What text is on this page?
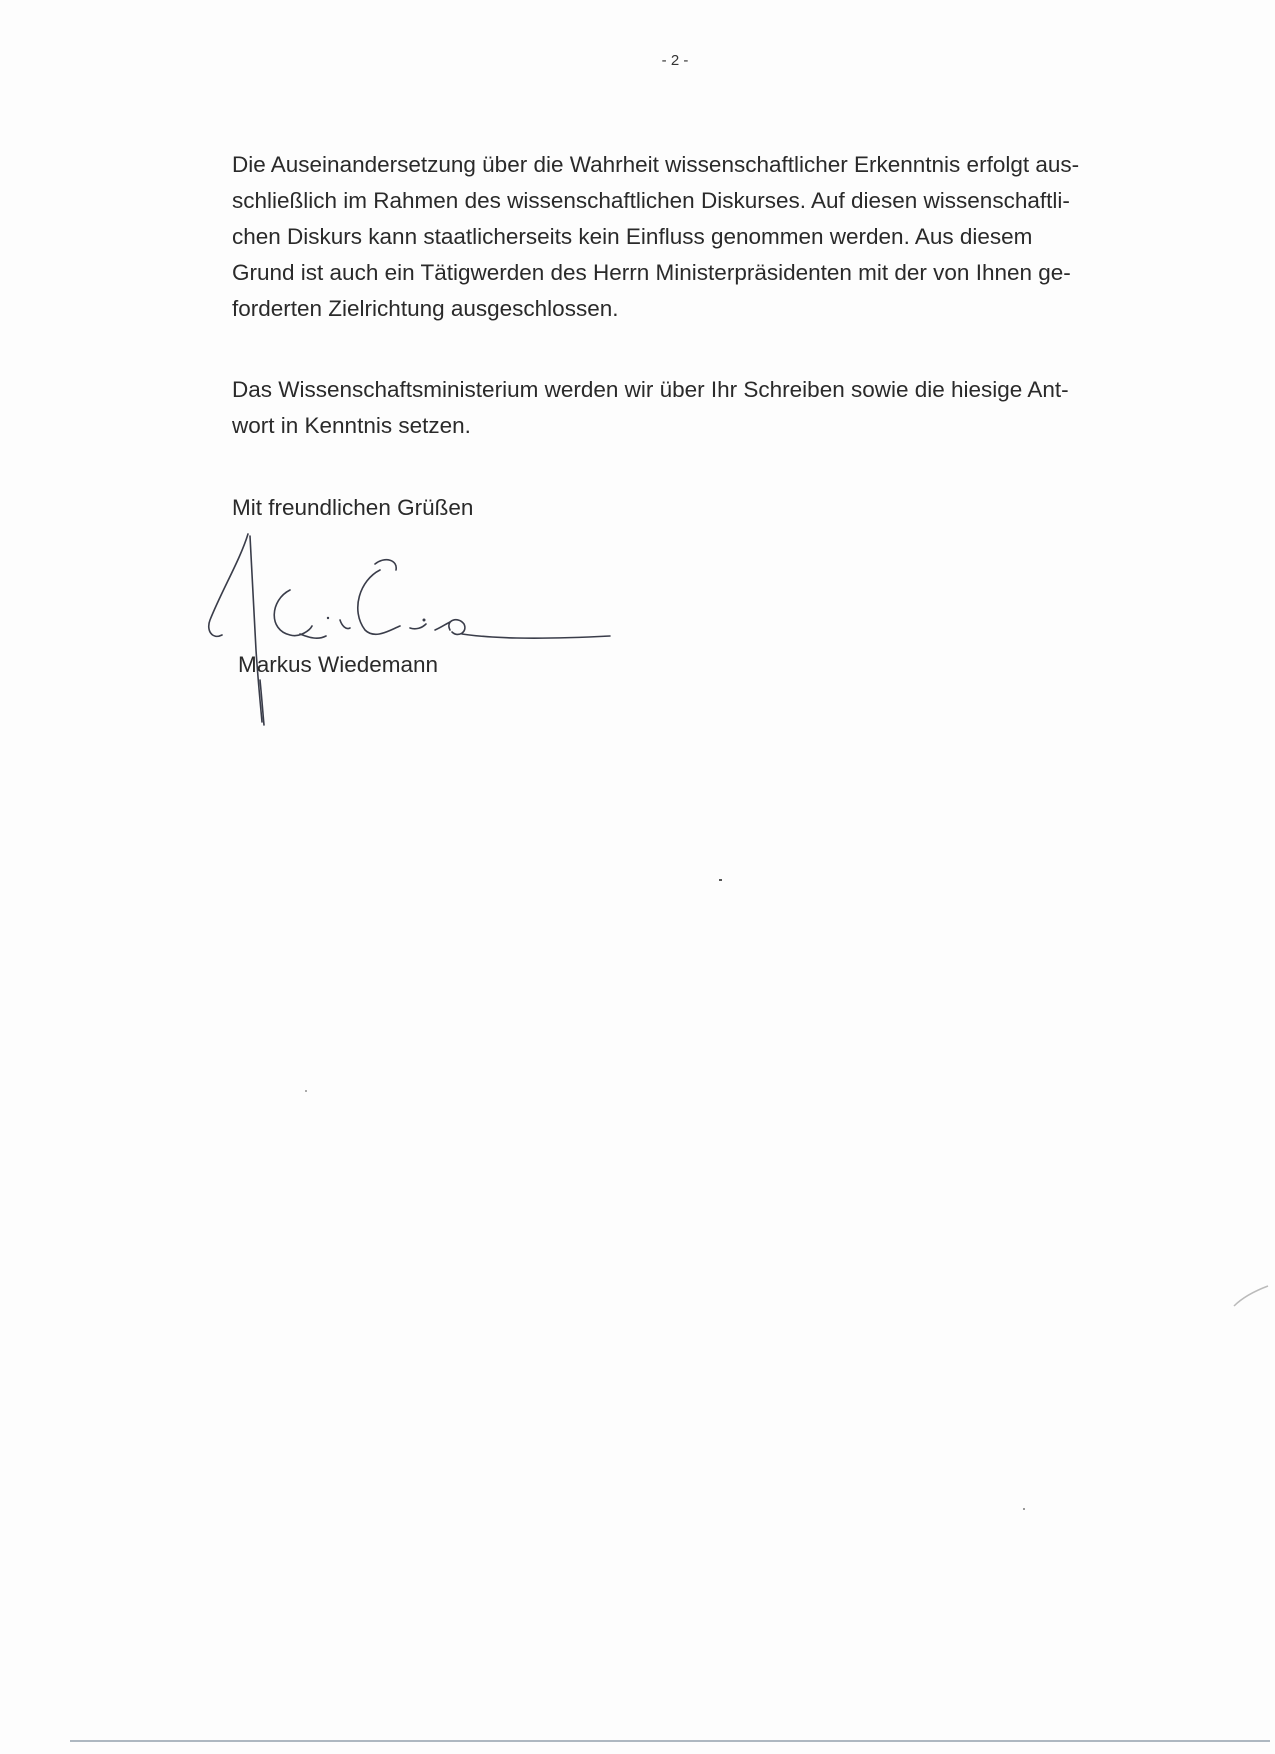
- 2 -
Die Auseinandersetzung über die Wahrheit wissenschaftlicher Erkenntnis erfolgt aus-
schließlich im Rahmen des wissenschaftlichen Diskurses. Auf diesen wissenschaftli-
chen Diskurs kann staatlicherseits kein Einfluss genommen werden. Aus diesem
Grund ist auch ein Tätigwerden des Herrn Ministerpräsidenten mit der von Ihnen ge-
forderten Zielrichtung ausgeschlossen.
Das Wissenschaftsministerium werden wir über Ihr Schreiben sowie die hiesige Ant-
wort in Kenntnis setzen.
Mit freundlichen Grüßen
Markus Wiedemann
